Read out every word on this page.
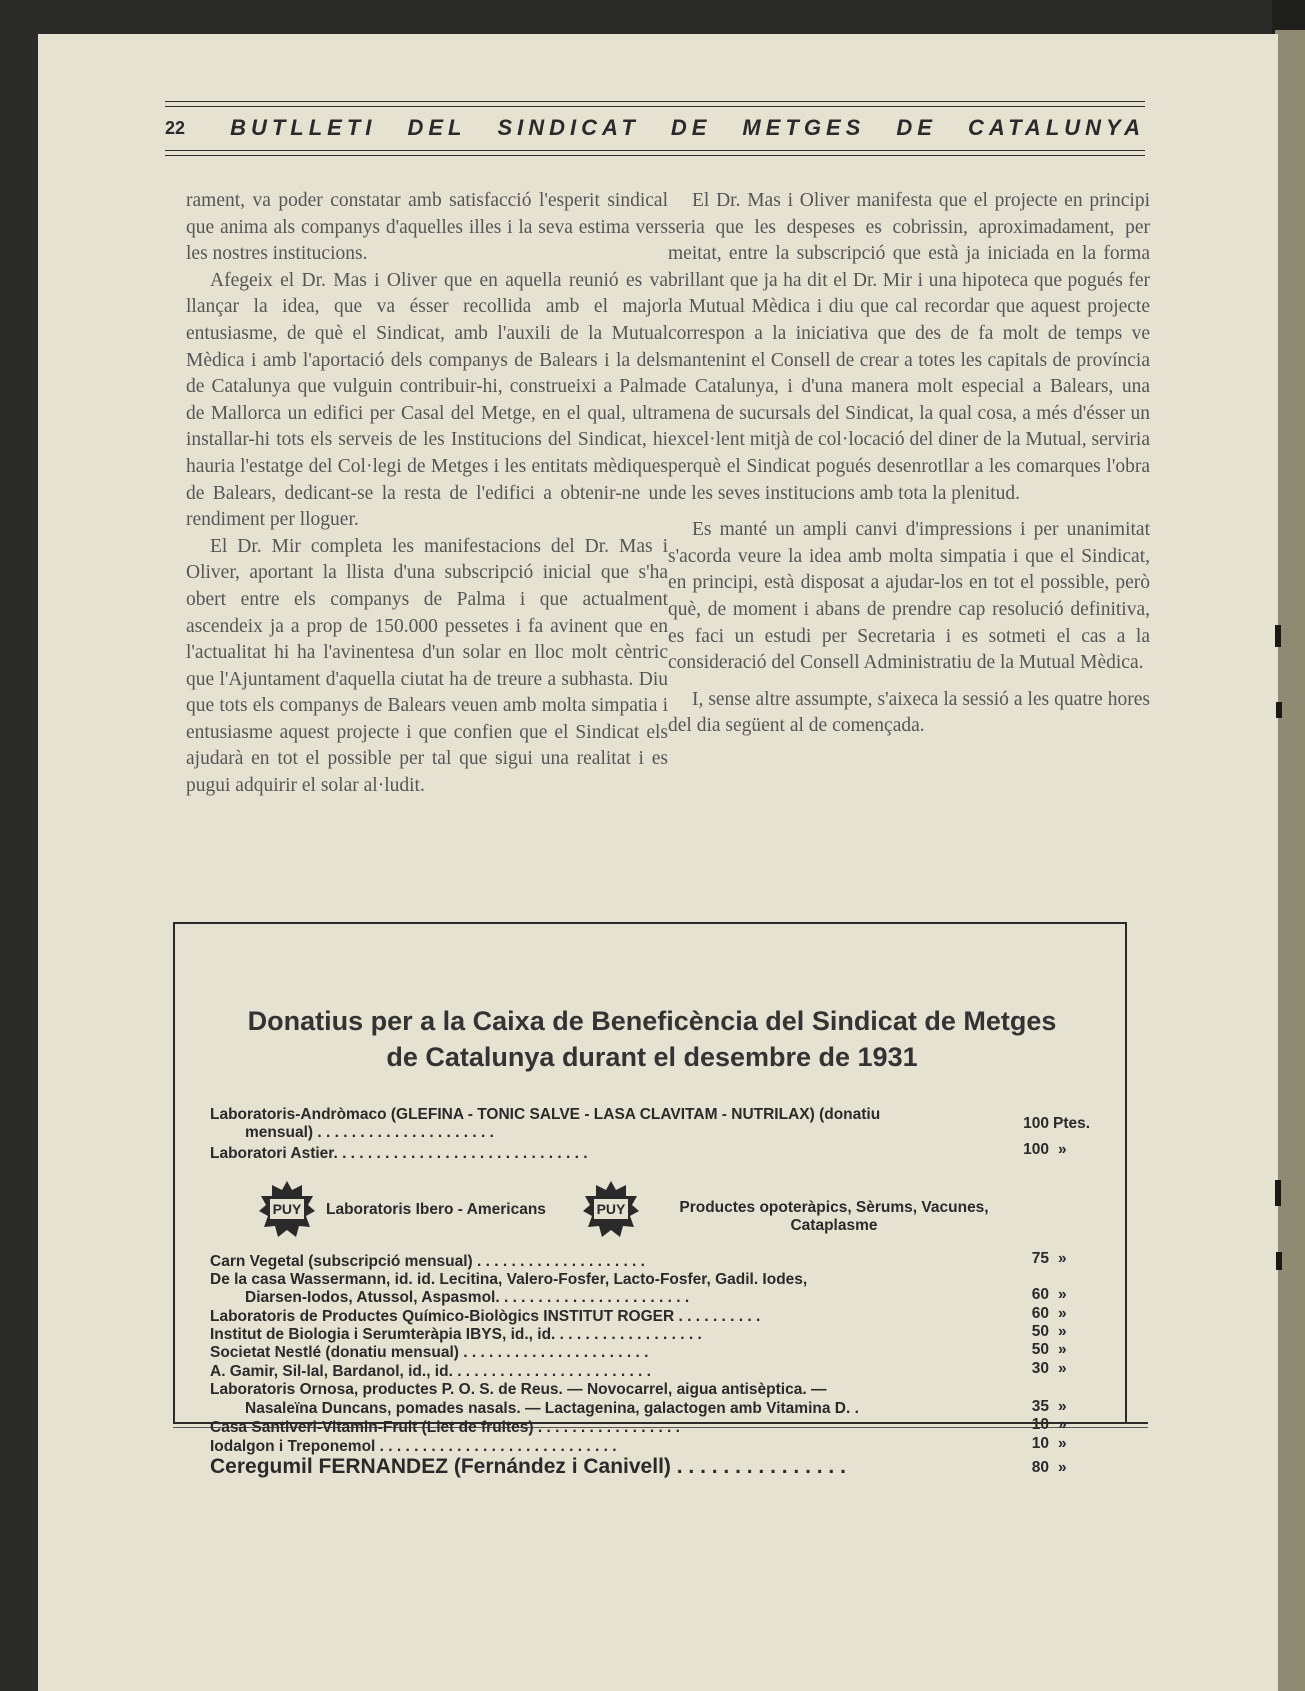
22 BUTLLETI DEL SINDICAT DE METGES DE CATALUNYA

rament, va poder constatar amb satisfacció l'esperit sindical que anima als companys d'aquelles illes i la seva estima vers les nostres institucions.

Afegeix el Dr. Mas i Oliver que en aquella reunió es va llançar la idea, que va ésser recollida amb el major entusiasme, de què el Sindicat, amb l'auxili de la Mutual Mèdica i amb l'aportació dels companys de Balears i la dels de Catalunya que vulguin contribuir-hi, construeixi a Palma de Mallorca un edifici per Casal del Metge, en el qual, ultra installar-hi tots els serveis de les Institucions del Sindicat, hi hauria l'estatge del Col·legi de Metges i les entitats mèdiques de Balears, dedicant-se la resta de l'edifici a obtenir-ne un rendiment per lloguer.

El Dr. Mir completa les manifestacions del Dr. Mas i Oliver, aportant la llista d'una subscripció inicial que s'ha obert entre els companys de Palma i que actualment ascendeix ja a prop de 150.000 pessetes i fa avinent que en l'actualitat hi ha l'avinentesa d'un solar en lloc molt cèntric que l'Ajuntament d'aquella ciutat ha de treure a subhasta. Diu que tots els companys de Balears veuen amb molta simpatia i entusiasme aquest projecte i que confien que el Sindicat els ajudarà en tot el possible per tal que sigui una realitat i es pugui adquirir el solar al·ludit.

El Dr. Mas i Oliver manifesta que el projecte en principi seria que les despeses es cobrissin, aproximadament, per meitat, entre la subscripció que està ja iniciada en la forma brillant que ja ha dit el Dr. Mir i una hipoteca que pogués fer la Mutual Mèdica i diu que cal recordar que aquest projecte correspon a la iniciativa que des de fa molt de temps ve mantenint el Consell de crear a totes les capitals de província de Catalunya, i d'una manera molt especial a Balears, una mena de sucursals del Sindicat, la qual cosa, a més d'ésser un excel·lent mitjà de col·locació del diner de la Mutual, serviria perquè el Sindicat pogués desenrotllar a les comarques l'obra de les seves institucions amb tota la plenitud.

Es manté un ampli canvi d'impressions i per unanimitat s'acorda veure la idea amb molta simpatia i que el Sindicat, en principi, està disposat a ajudar-los en tot el possible, però què, de moment i abans de prendre cap resolució definitiva, es faci un estudi per Secretaria i es sotmeti el cas a la consideració del Consell Administratiu de la Mutual Mèdica.

I, sense altre assumpte, s'aixeca la sessió a les quatre hores del dia següent al de començada.

Donatius per a la Caixa de Beneficència del Sindicat de Metges
de Catalunya durant el desembre de 1931
Laboratoris-Andròmaco (GLEFINA - TONIC SALVE - LASA CLAVITAM - NUTRILAX) (donatiu
mensual) . . . . . . . . . . . . . . . . . . . . .
100 Ptes.
Laboratori Astier. . . . . . . . . . . . . . . . . . . . . . . . . . . . . .	100 »
PUY Laboratoris Ibero - Americans	PUY	Productes opoteràpics, Sèrums, Vacunes,
Cataplasme
Carn Vegetal (subscripció mensual) . . . . . . . . . . . . . . . . . . . .	75 »
De la casa Wassermann, id. id. Lecitina, Valero-Fosfer, Lacto-Fosfer, Gadil. Iodes,
Diarsen-Iodos, Atussol, Aspasmol. . . . . . . . . . . . . . . . . . . . . . .	60 »
Laboratoris de Productes Químico-Biològics INSTITUT ROGER . . . . . . . . . .	60 »
Institut de Biologia i Serumteràpia IBYS, id., id. . . . . . . . . . . . . . . . . .	50 »
Societat Nestlé (donatiu mensual) . . . . . . . . . . . . . . . . . . . . . .	50 »
A. Gamir, Sil-lal, Bardanol, id., id. . . . . . . . . . . . . . . . . . . . . . . .	30 »
Laboratoris Ornosa, productes P. O. S. de Reus. — Novocarrel, aigua antisèptica. —
Nasaleïna Duncans, pomades nasals. — Lactagenina, galactogen amb Vitamina D. .	35 »
Casa Santiveri-Vitamin-Fruit (Llet de fruites) . . . . . . . . . . . . . . . . .	10 »
Iodalgon i Treponemol . . . . . . . . . . . . . . . . . . . . . . . . . . . .	10 »
Ceregumil FERNANDEZ (Fernández i Canivell) . . . . . . . . . . . . . . .	80 »
